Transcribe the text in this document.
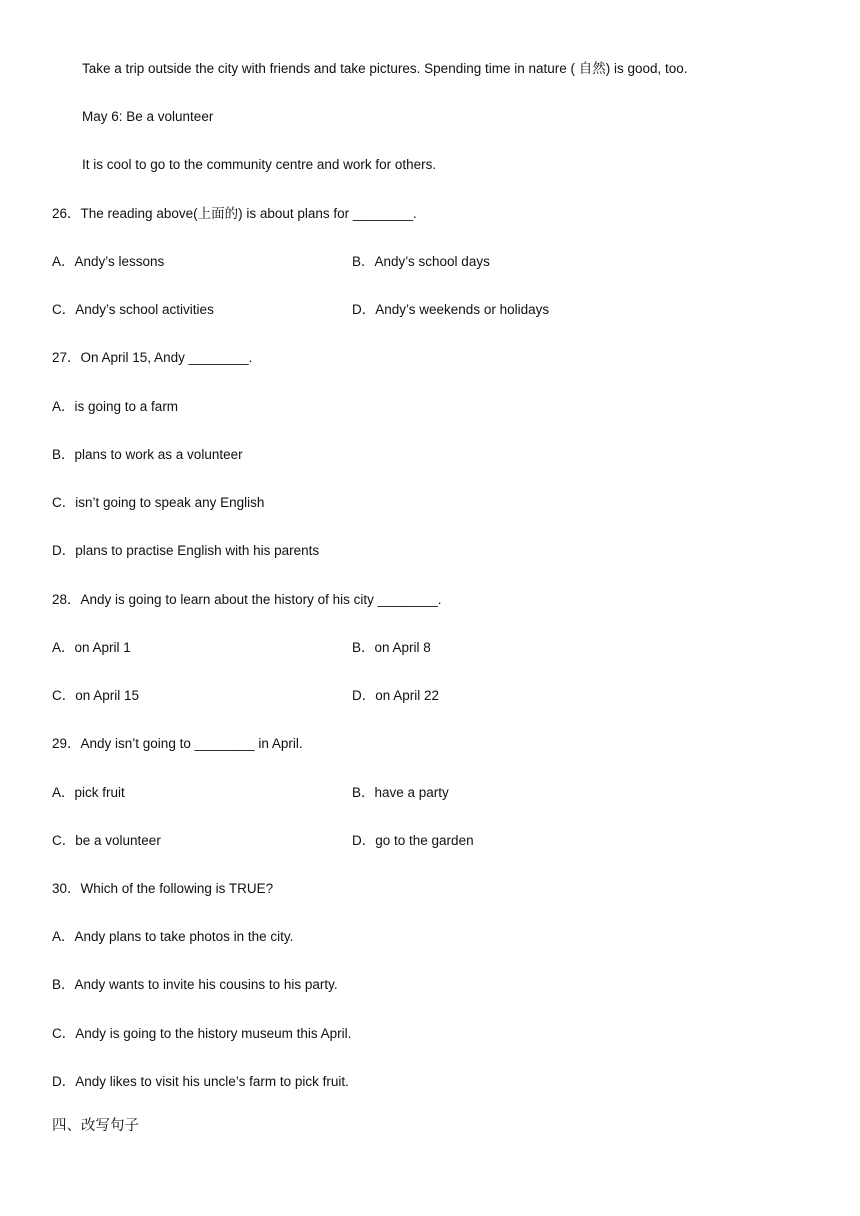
Take a trip outside the city with friends and take pictures. Spending time in nature ( 自然) is good, too.
May 6: Be a volunteer
It is cool to go to the community centre and work for others.
26．The reading above(上面的) is about plans for ________.
A．Andy’s lessons	B．Andy’s school days
C．Andy’s school activities	D．Andy’s weekends or holidays
27．On April 15, Andy ________.
A．is going to a farm
B．plans to work as a volunteer
C．isn’t going to speak any English
D．plans to practise English with his parents
28．Andy is going to learn about the history of his city ________.
A．on April 1	B．on April 8
C．on April 15	D．on April 22
29．Andy isn’t going to ________ in April.
A．pick fruit	B．have a party
C．be a volunteer	D．go to the garden
30．Which of the following is TRUE?
A．Andy plans to take photos in the city.
B．Andy wants to invite his cousins to his party.
C．Andy is going to the history museum this April.
D．Andy likes to visit his uncle’s farm to pick fruit.
四、改写句子
